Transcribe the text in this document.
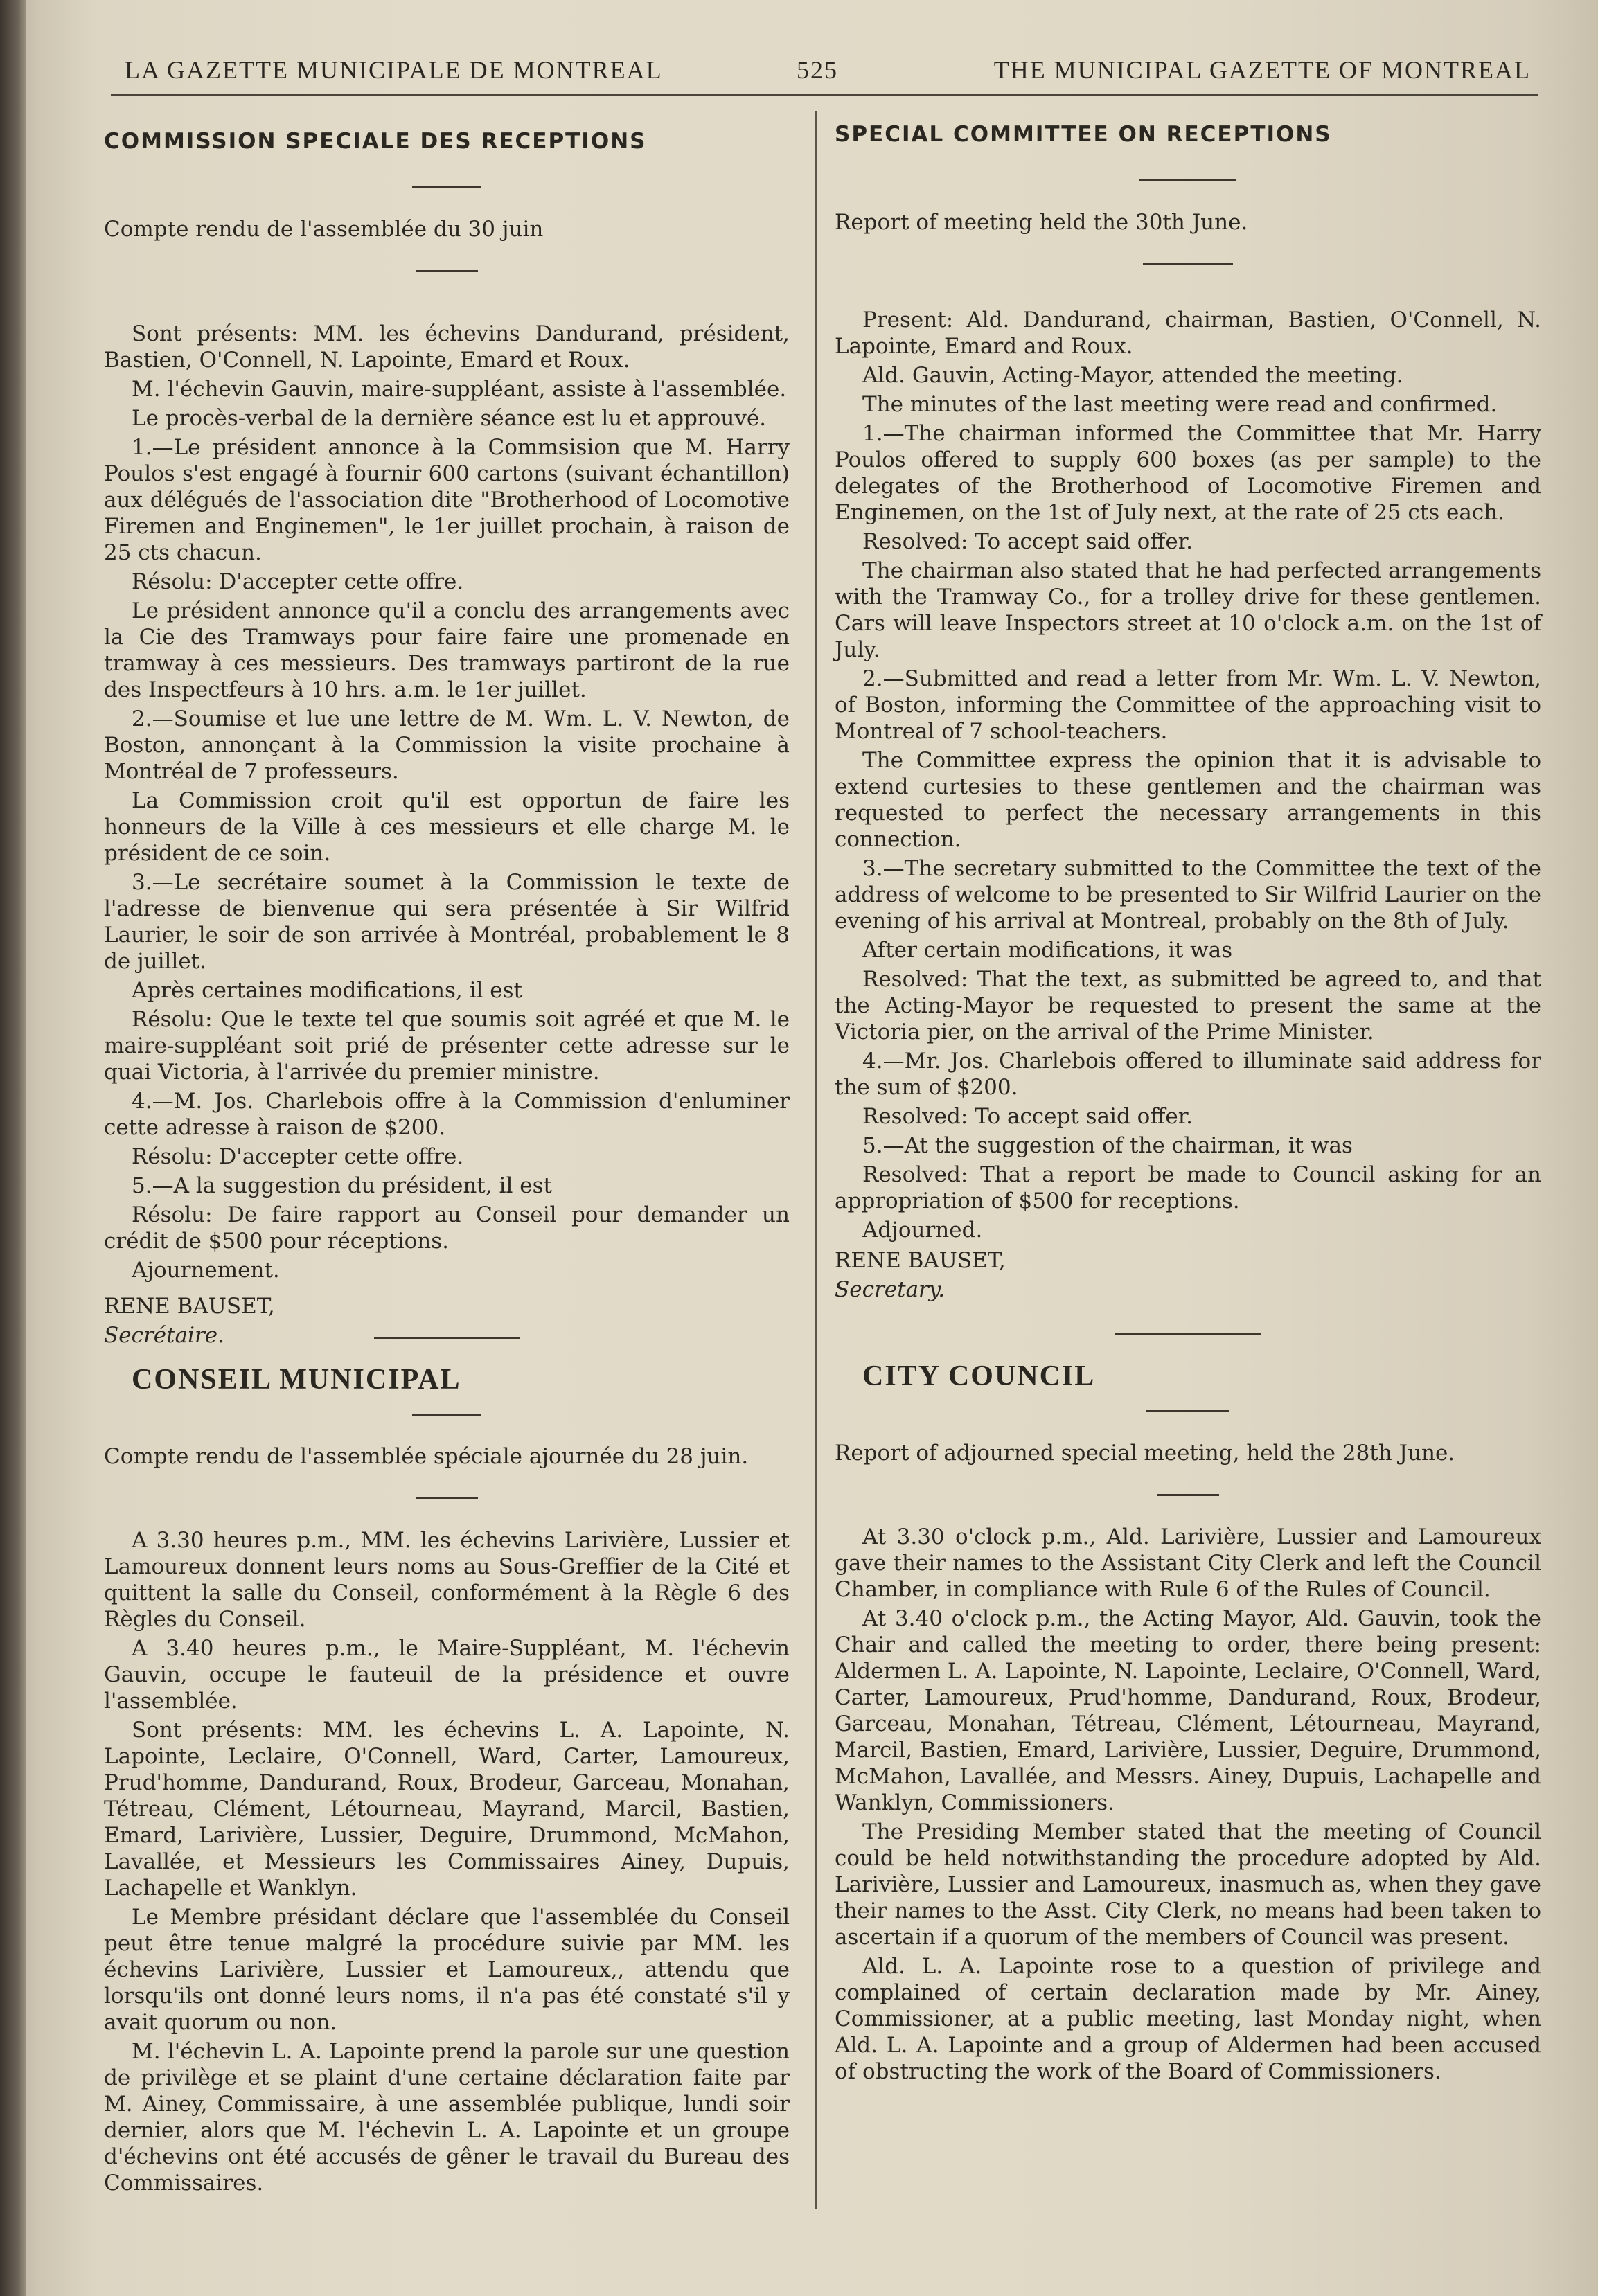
LA GAZETTE MUNICIPALE DE MONTREAL	525	THE MUNICIPAL GAZETTE OF MONTREAL

COMMISSION SPECIALE DES RECEPTIONS

Compte rendu de l'assemblée du 30 juin

Sont présents: MM. les échevins Dandurand, président, Bastien, O'Connell, N. Lapointe, Emard et Roux.

M. l'échevin Gauvin, maire-suppléant, assiste à l'assemblée.

Le procès-verbal de la dernière séance est lu et approuvé.

1.—Le président annonce à la Commsision que M. Harry Poulos s'est engagé à fournir 600 cartons (suivant échantillon) aux délégués de l'association dite "Brotherhood of Locomotive Firemen and Enginemen", le 1er juillet prochain, à raison de 25 cts chacun.

Résolu: D'accepter cette offre.

Le président annonce qu'il a conclu des arrangements avec la Cie des Tramways pour faire faire une promenade en tramway à ces messieurs. Des tramways partiront de la rue des Inspectfeurs à 10 hrs. a.m. le 1er juillet.

2.—Soumise et lue une lettre de M. Wm. L. V. Newton, de Boston, annonçant à la Commission la visite prochaine à Montréal de 7 professeurs.

La Commission croit qu'il est opportun de faire les honneurs de la Ville à ces messieurs et elle charge M. le président de ce soin.

3.—Le secrétaire soumet à la Commission le texte de l'adresse de bienvenue qui sera présentée à Sir Wilfrid Laurier, le soir de son arrivée à Montréal, probablement le 8 de juillet.

Après certaines modifications, il est

Résolu: Que le texte tel que soumis soit agréé et que M. le maire-suppléant soit prié de présenter cette adresse sur le quai Victoria, à l'arrivée du premier ministre.

4.—M. Jos. Charlebois offre à la Commission d'enluminer cette adresse à raison de $200.

Résolu: D'accepter cette offre.

5.—A la suggestion du président, il est

Résolu: De faire rapport au Conseil pour demander un crédit de $500 pour réceptions.

Ajournement.

RENE BAUSET,

Secrétaire.

CONSEIL MUNICIPAL

Compte rendu de l'assemblée spéciale ajournée du 28 juin.

A 3.30 heures p.m., MM. les échevins Larivière, Lussier et Lamoureux donnent leurs noms au Sous-Greffier de la Cité et quittent la salle du Conseil, conformément à la Règle 6 des Règles du Conseil.

A 3.40 heures p.m., le Maire-Suppléant, M. l'échevin Gauvin, occupe le fauteuil de la présidence et ouvre l'assemblée.

Sont présents: MM. les échevins L. A. Lapointe, N. Lapointe, Leclaire, O'Connell, Ward, Carter, Lamoureux, Prud'homme, Dandurand, Roux, Brodeur, Garceau, Monahan, Tétreau, Clément, Létourneau, Mayrand, Marcil, Bastien, Emard, Larivière, Lussier, Deguire, Drummond, McMahon, Lavallée, et Messieurs les Commissaires Ainey, Dupuis, Lachapelle et Wanklyn.

Le Membre présidant déclare que l'assemblée du Conseil peut être tenue malgré la procédure suivie par MM. les échevins Larivière, Lussier et Lamoureux,, attendu que lorsqu'ils ont donné leurs noms, il n'a pas été constaté s'il y avait quorum ou non.

M. l'échevin L. A. Lapointe prend la parole sur une question de privilège et se plaint d'une certaine déclaration faite par M. Ainey, Commissaire, à une assemblée publique, lundi soir dernier, alors que M. l'échevin L. A. Lapointe et un groupe d'échevins ont été accusés de gêner le travail du Bureau des Commissaires.

SPECIAL COMMITTEE ON RECEPTIONS

Report of meeting held the 30th June.

Present: Ald. Dandurand, chairman, Bastien, O'Connell, N. Lapointe, Emard and Roux.

Ald. Gauvin, Acting-Mayor, attended the meeting.

The minutes of the last meeting were read and confirmed.

1.—The chairman informed the Committee that Mr. Harry Poulos offered to supply 600 boxes (as per sample) to the delegates of the Brotherhood of Locomotive Firemen and Enginemen, on the 1st of July next, at the rate of 25 cts each.

Resolved: To accept said offer.

The chairman also stated that he had perfected arrangements with the Tramway Co., for a trolley drive for these gentlemen. Cars will leave Inspectors street at 10 o'clock a.m. on the 1st of July.

2.—Submitted and read a letter from Mr. Wm. L. V. Newton, of Boston, informing the Committee of the approaching visit to Montreal of 7 school-teachers.

The Committee express the opinion that it is advisable to extend curtesies to these gentlemen and the chairman was requested to perfect the necessary arrangements in this connection.

3.—The secretary submitted to the Committee the text of the address of welcome to be presented to Sir Wilfrid Laurier on the evening of his arrival at Montreal, probably on the 8th of July.

After certain modifications, it was

Resolved: That the text, as submitted be agreed to, and that the Acting-Mayor be requested to present the same at the Victoria pier, on the arrival of the Prime Minister.

4.—Mr. Jos. Charlebois offered to illuminate said address for the sum of $200.

Resolved: To accept said offer.

5.—At the suggestion of the chairman, it was

Resolved: That a report be made to Council asking for an appropriation of $500 for receptions.

Adjourned.

RENE BAUSET,

Secretary.

CITY COUNCIL

Report of adjourned special meeting, held the 28th June.

At 3.30 o'clock p.m., Ald. Larivière, Lussier and Lamoureux gave their names to the Assistant City Clerk and left the Council Chamber, in compliance with Rule 6 of the Rules of Council.

At 3.40 o'clock p.m., the Acting Mayor, Ald. Gauvin, took the Chair and called the meeting to order, there being present: Aldermen L. A. Lapointe, N. Lapointe, Leclaire, O'Connell, Ward, Carter, Lamoureux, Prud'homme, Dandurand, Roux, Brodeur, Garceau, Monahan, Tétreau, Clément, Létourneau, Mayrand, Marcil, Bastien, Emard, Larivière, Lussier, Deguire, Drummond, McMahon, Lavallée, and Messrs. Ainey, Dupuis, Lachapelle and Wanklyn, Commissioners.

The Presiding Member stated that the meeting of Council could be held notwithstanding the procedure adopted by Ald. Larivière, Lussier and Lamoureux, inasmuch as, when they gave their names to the Asst. City Clerk, no means had been taken to ascertain if a quorum of the members of Council was present.

Ald. L. A. Lapointe rose to a question of privilege and complained of certain declaration made by Mr. Ainey, Commissioner, at a public meeting, last Monday night, when Ald. L. A. Lapointe and a group of Aldermen had been accused of obstructing the work of the Board of Commissioners.
